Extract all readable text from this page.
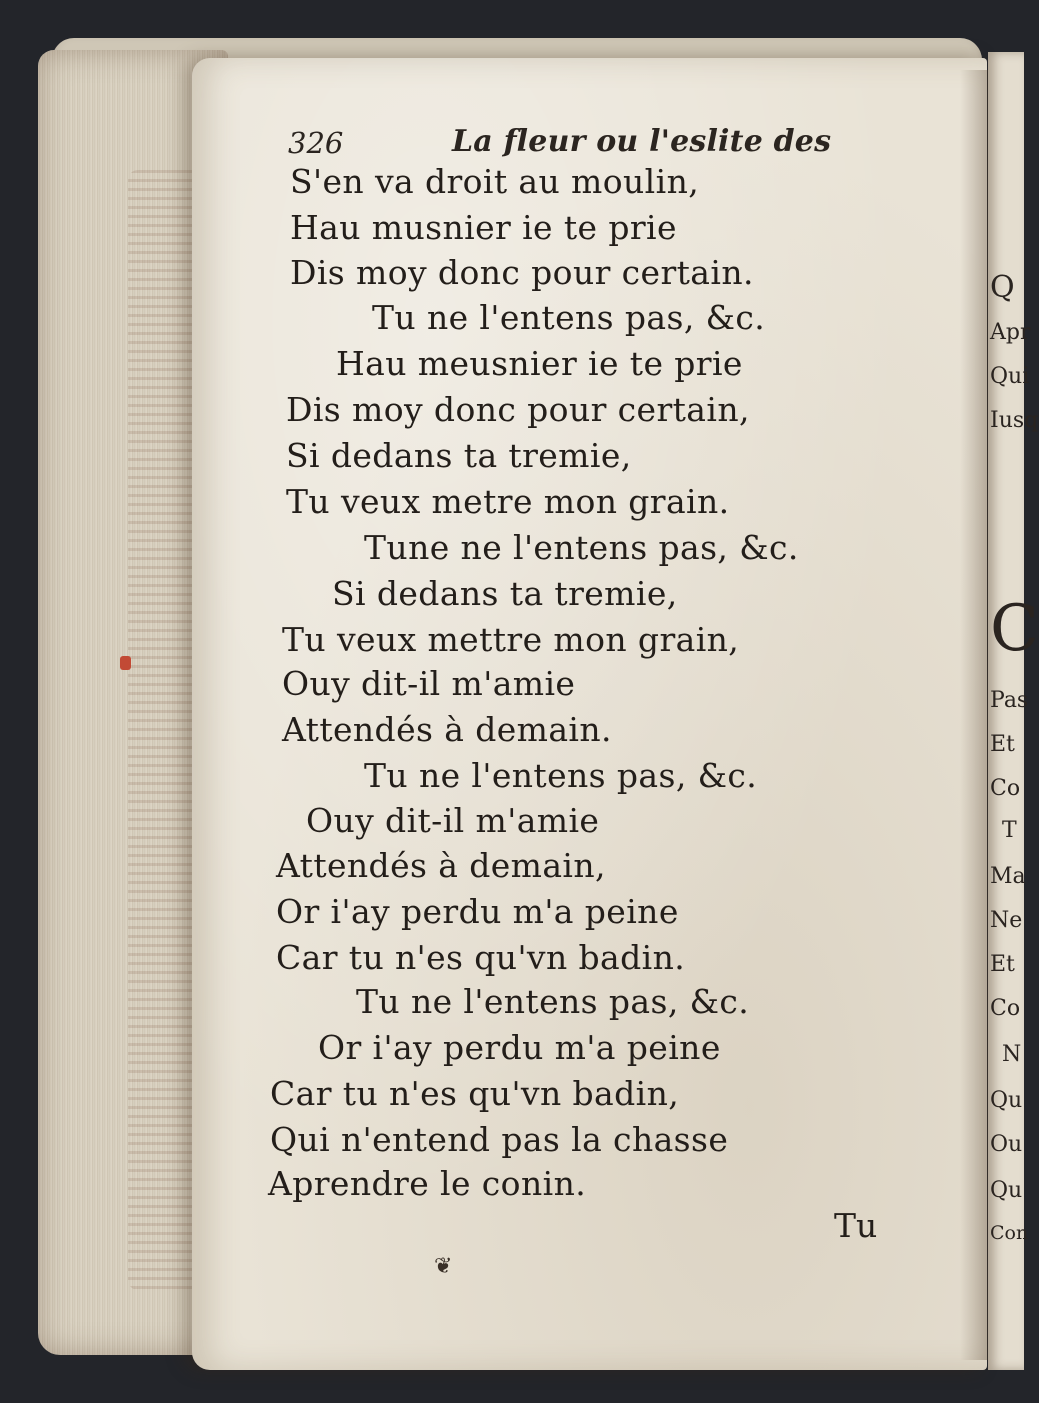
Q
Apr
Qui
Iusq
C
Pas
Et
Co
T
Ma
Ne
Et
Co
N
Qu
Ou
Qu
Con
326	La fleur ou l'eslite des
S'en va droit au moulin,
Hau musnier ie te prie
Dis moy donc pour certain.
Tu ne l'entens pas, &c.
Hau meusnier ie te prie
Dis moy donc pour certain,
Si dedans ta tremie,
Tu veux metre mon grain.
Tune ne l'entens pas, &c.
Si dedans ta tremie,
Tu veux mettre mon grain,
Ouy dit-il m'amie
Attendés à demain.
Tu ne l'entens pas, &c.
Ouy dit-il m'amie
Attendés à demain,
Or i'ay perdu m'a peine
Car tu n'es qu'vn badin.
Tu ne l'entens pas, &c.
Or i'ay perdu m'a peine
Car tu n'es qu'vn badin,
Qui n'entend pas la chasse
Aprendre le conin.
Tu
❦
